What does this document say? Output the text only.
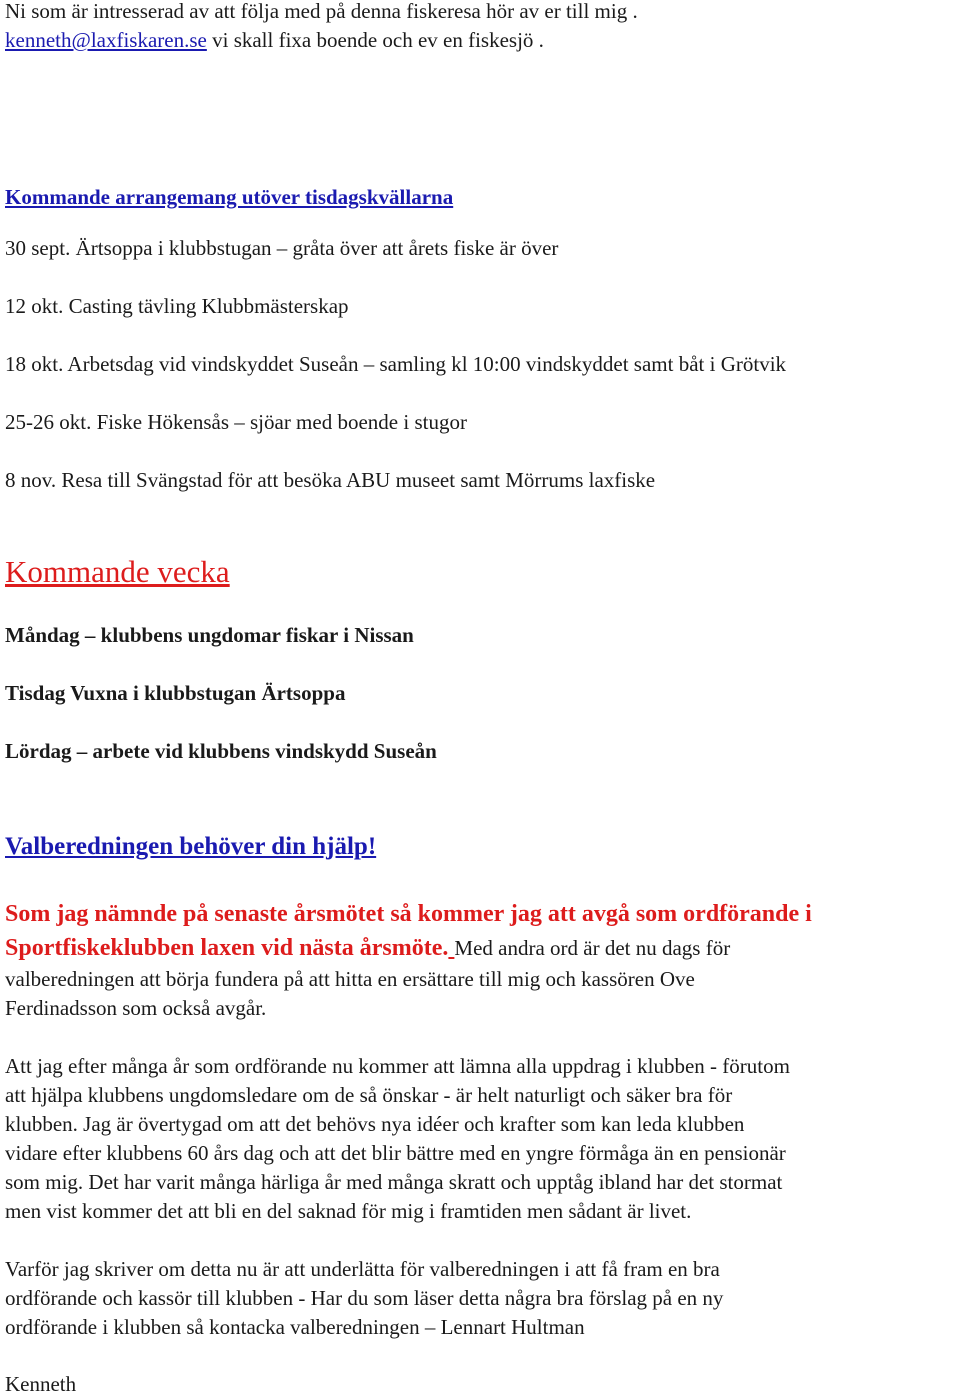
Ni som är intresserad av att följa med på denna fiskeresa hör av er till mig .

kenneth@laxfiskaren.se vi skall fixa boende och ev en fiskesjö .

Kommande arrangemang utöver tisdagskvällarna

30 sept. Ärtsoppa i klubbstugan – gråta över att årets fiske är över

12 okt. Casting tävling Klubbmästerskap

18 okt. Arbetsdag vid vindskyddet Suseån – samling kl 10:00 vindskyddet samt båt i Grötvik

25-26 okt. Fiske Hökensås – sjöar med boende i stugor

8 nov. Resa till Svängstad för att besöka ABU museet samt Mörrums laxfiske

Kommande vecka

Måndag – klubbens ungdomar fiskar i Nissan

Tisdag Vuxna i klubbstugan Ärtsoppa

Lördag – arbete vid klubbens vindskydd Suseån

Valberedningen behöver din hjälp!

Som jag nämnde på senaste årsmötet så kommer jag att avgå som ordförande i

Sportfiskeklubben laxen vid nästa årsmöte. Med andra ord är det nu dags för

valberedningen att börja fundera på att hitta en ersättare till mig och kassören Ove

Ferdinadsson som också avgår.

Att jag efter många år som ordförande nu kommer att lämna alla uppdrag i klubben - förutom

att hjälpa klubbens ungdomsledare om de så önskar - är helt naturligt och säker bra för

klubben. Jag är övertygad om att det behövs nya idéer och krafter som kan leda klubben

vidare efter klubbens 60 års dag och att det blir bättre med en yngre förmåga än en pensionär

som mig. Det har varit många härliga år med många skratt och upptåg ibland har det stormat

men vist kommer det att bli en del saknad för mig i framtiden men sådant är livet.

Varför jag skriver om detta nu är att underlätta för valberedningen i att få fram en bra

ordförande och kassör till klubben - Har du som läser detta några bra förslag på en ny

ordförande i klubben så kontacka valberedningen – Lennart Hultman

Kenneth
